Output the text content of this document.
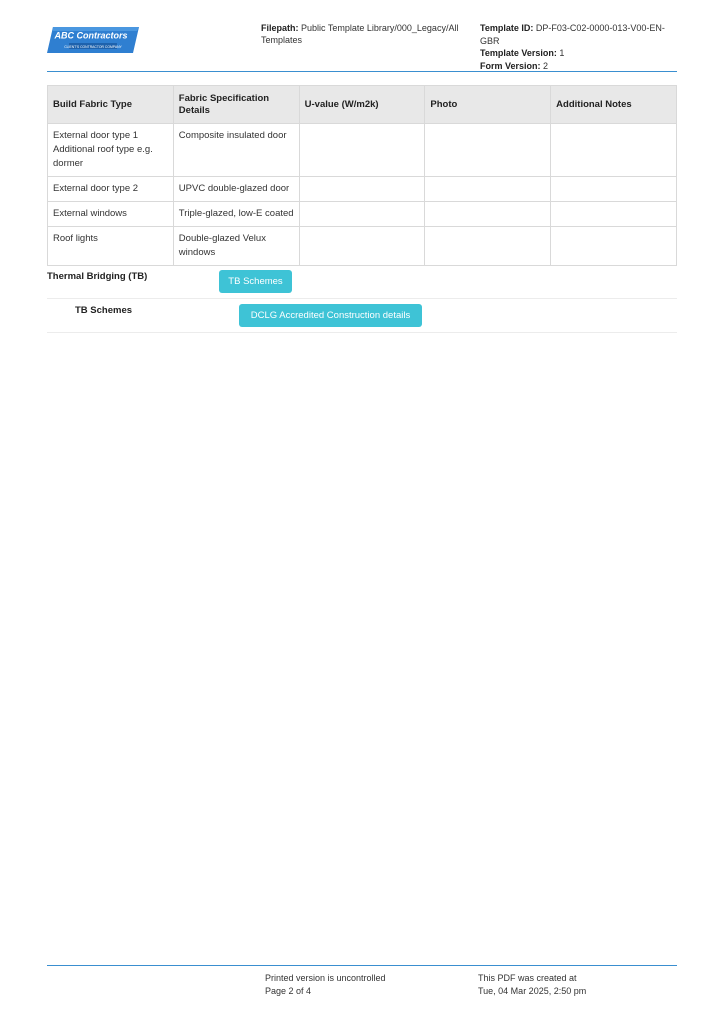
ABC Contractors
CLIENT'S CONTRACTOR COMPANY
Filepath: Public Template Library/000_Legacy/All Templates
Template ID: DP-F03-C02-0000-013-V00-EN-GBR
Template Version: 1
Form Version: 2
Build Fabric Type	Fabric Specification Details	U-value (W/m2k)	Photo	Additional Notes
External door type 1 Additional roof type e.g. dormer	Composite insulated door			
External door type 2	UPVC double-glazed door			
External windows	Triple-glazed, low-E coated			
Roof lights	Double-glazed Velux windows			
Thermal Bridging (TB)	TB Schemes
TB Schemes	DCLG Accredited Construction details
Printed version is uncontrolled
Page 2 of 4
This PDF was created at
Tue, 04 Mar 2025, 2:50 pm
